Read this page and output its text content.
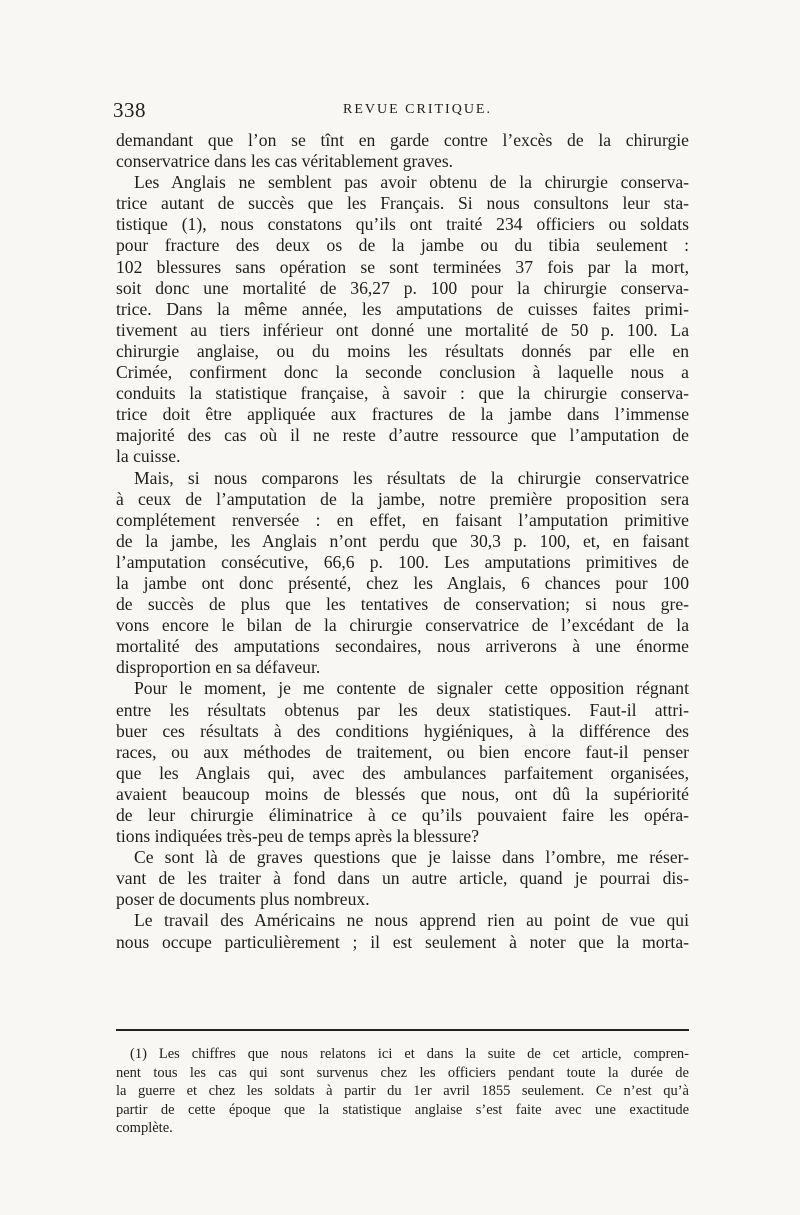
338	REVUE CRITIQUE.
demandant que l’on se tînt en garde contre l’excès de la chirurgie
conservatrice dans les cas véritablement graves.
Les Anglais ne semblent pas avoir obtenu de la chirurgie conserva-
trice autant de succès que les Français. Si nous consultons leur sta-
tistique (1), nous constatons qu’ils ont traité 234 officiers ou soldats
pour fracture des deux os de la jambe ou du tibia seulement :
102 blessures sans opération se sont terminées 37 fois par la mort,
soit donc une mortalité de 36,27 p. 100 pour la chirurgie conserva-
trice. Dans la même année, les amputations de cuisses faites primi-
tivement au tiers inférieur ont donné une mortalité de 50 p. 100. La
chirurgie anglaise, ou du moins les résultats donnés par elle en
Crimée, confirment donc la seconde conclusion à laquelle nous a
conduits la statistique française, à savoir : que la chirurgie conserva-
trice doit être appliquée aux fractures de la jambe dans l’immense
majorité des cas où il ne reste d’autre ressource que l’amputation de
la cuisse.
Mais, si nous comparons les résultats de la chirurgie conservatrice
à ceux de l’amputation de la jambe, notre première proposition sera
complétement renversée : en effet, en faisant l’amputation primitive
de la jambe, les Anglais n’ont perdu que 30,3 p. 100, et, en faisant
l’amputation consécutive, 66,6 p. 100. Les amputations primitives de
la jambe ont donc présenté, chez les Anglais, 6 chances pour 100
de succès de plus que les tentatives de conservation; si nous gre-
vons encore le bilan de la chirurgie conservatrice de l’excédant de la
mortalité des amputations secondaires, nous arriverons à une énorme
disproportion en sa défaveur.
Pour le moment, je me contente de signaler cette opposition régnant
entre les résultats obtenus par les deux statistiques. Faut-il attri-
buer ces résultats à des conditions hygiéniques, à la différence des
races, ou aux méthodes de traitement, ou bien encore faut-il penser
que les Anglais qui, avec des ambulances parfaitement organisées,
avaient beaucoup moins de blessés que nous, ont dû la supériorité
de leur chirurgie éliminatrice à ce qu’ils pouvaient faire les opéra-
tions indiquées très-peu de temps après la blessure?
Ce sont là de graves questions que je laisse dans l’ombre, me réser-
vant de les traiter à fond dans un autre article, quand je pourrai dis-
poser de documents plus nombreux.
Le travail des Américains ne nous apprend rien au point de vue qui
nous occupe particulièrement ; il est seulement à noter que la morta-
(1) Les chiffres que nous relatons ici et dans la suite de cet article, compren-
nent tous les cas qui sont survenus chez les officiers pendant toute la durée de
la guerre et chez les soldats à partir du 1er avril 1855 seulement. Ce n’est qu’à
partir de cette époque que la statistique anglaise s’est faite avec une exactitude
complète.
